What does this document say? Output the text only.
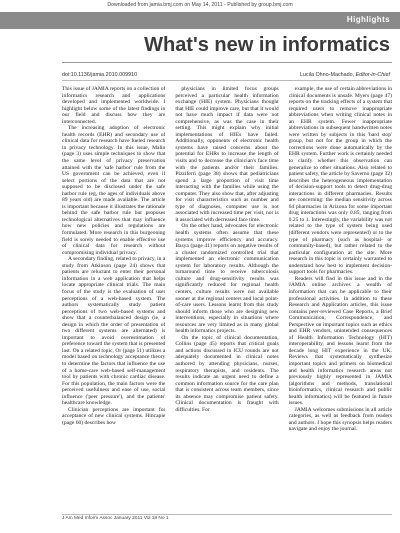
Downloaded from jamia.bmj.com on May 14, 2011 - Published by group.bmj.com
Highlights
What's new in informatics
doi:10.1136/jamia.2010.009910	Lucila Ohno-Machado, Editor-in-Chief

This issue of JAMIA reports on a collection of informatics research and applications developed and implemented worldwide. I highlight below some of the latest findings in our field and discuss how they are interconnected.

The increasing adoption of electronic health records (EHR) and secondary use of clinical data for research have fueled research in privacy technology. In this issue, Malin (page 3) uses simple techniques to show that the same level of privacy preservation attained with the 'safe harbor' rule from the US government can be achieved, even if select portions of the data that are not supposed to be disclosed under the safe harbor rule (eg, the ages of individuals above 89 years old) are made available. The article is important because it illustrates the rationale behind the safe harbor rule but proposes technological alternatives that may influence how new policies and regulations are formulated. More research in this burgeoning field is sorely needed to enable effective use of clinical data for research without compromising individual privacy.

A secondary finding, related to privacy, in a study from Atkinson (page 24) shows that patients are reluctant to enter their personal information in a web application that helps locate appropriate clinical trials. The main focus of the study is the evaluation of user perceptions of a web-based system. The authors systematically study patient perceptions of two web-based systems and show that a counterbalanced design (ie, a design in which the order of presentation of two different systems are alternated) is important to avoid overestimation of preference toward the system that is presented last. On a related topic, Or (page 51) utilizes a model based on technology acceptance theory to determine the factors that influence the use of a home-care web-based self-management tool by patients with chronic cardiac disease. For this population, the main factors were the perceived usefulness and ease of use, social influence ('peer pressure'), and the patients' healthcare knowledge.

Clinician perceptions are important for acceptance of new clinical systems. Hincapie (page 60) describes how

physicians in limited focus groups perceived a particular health information exchange (HIE) system. Physicians thought that HIE could improve care, but that it would not have much impact if data were not comprehensive, as was the case in their setting. This might explain why initial implementations of HIEs have failed. Additionally, opponents of electronic health systems have raised concerns about the potential for EHRs to increase the length of visits and to decrease the clinician's face time with the patients and/or their families. Pizziferri (page 38) shows that pediatricians spend a large proportion of visit time interacting with the families while using the computer. They also show that, after adjusting for visit characteristics such as number and type of diagnoses, computer use is not associated with increased time per visit, nor is it associated with decreased face time.

On the other hand, advocates for electronic health systems often assume that these systems improve efficiency and accuracy. Basya (page 41) reports on negative results of a cluster randomized controlled trial that implemented an electronic communication system for laboratory results. Although the turnaround time to receive tuberculosis culture and drug-sensitivity results was significantly reduced for regional health centers, culture results were not available sooner at the regional centers and local point-of-care users. Lessons learnt from this study should inform those who are designing new interventions, especially in situations where resources are very limited as in many global health informatics projects.

On the topic of clinical documentation, Collins (page 45) reports that critical goals and actions discussed in ICU rounds are not adequately documented in clinical notes authored by attending physicians, nurses, respiratory therapists, and residents. The results indicate an urgent need to define a common information source for the care plan that is consistent across team members, since its absence may compromise patient safety. Clinical documentation is fraught with difficulties. For

example, the use of certain abbreviations in clinical documents is unsafe. Myers (page 47) reports on the tracking effects of a system that required users to remove inappropriate abbreviations when writing clinical notes in an EHR system. Fewer inappropriate abbreviations in subsequent handwritten notes were written by subjects in this 'hard stop' group, but not for the group in which the corrections were done automatically by the EHR system. Further work is certainly needed to clarify whether this observation can generalize to other situations. Also related to patient safety, the article by Saverno (page 32) describes the heterogeneous implementation of decision-support tools to detect drug-drug interactions in different pharmacies. Results are concerning: the median sensitivity across 64 pharmacies in Arizona for some important drug interactions was only 0.85, ranging from 0.25 to 1. Interestingly, the variability was not related to the type of system being used (different vendors were represented) or to the type of pharmacy (such as hospital- or community-based), but rather related to the particular configuration at the site. More research in this topic is certainly warranted to understand how best to implement decision-support tools for pharmacies.

Readers will find in this issue and in the JAMIA online archives a wealth of information that can be applicable to their professional activities. In addition to these Research and Application articles, this issue contains peer-reviewed Case Reports, a Brief Communication, Correspondence, and Perspective on important topics such as ethics and EHR vendors, unintended consequences of Health Information Technology (HIT) interoperability, and lessons learnt from the decade long HIT experience in the UK. Reviews that systematically synthesize important topics and primers on biomedical and health informatics research areas not previously highly represented in JAMIA (algorithms and methods, translational bioinformatics, clinical research and public health informatics) will be featured in future issues.

JAMIA welcomes submissions in all article categories, as well as feedback from readers and authors. I hope this synopsis helps readers navigate and enjoy the journal.

J Am Med Inform Assoc January 2011 Vol 18 No 1
